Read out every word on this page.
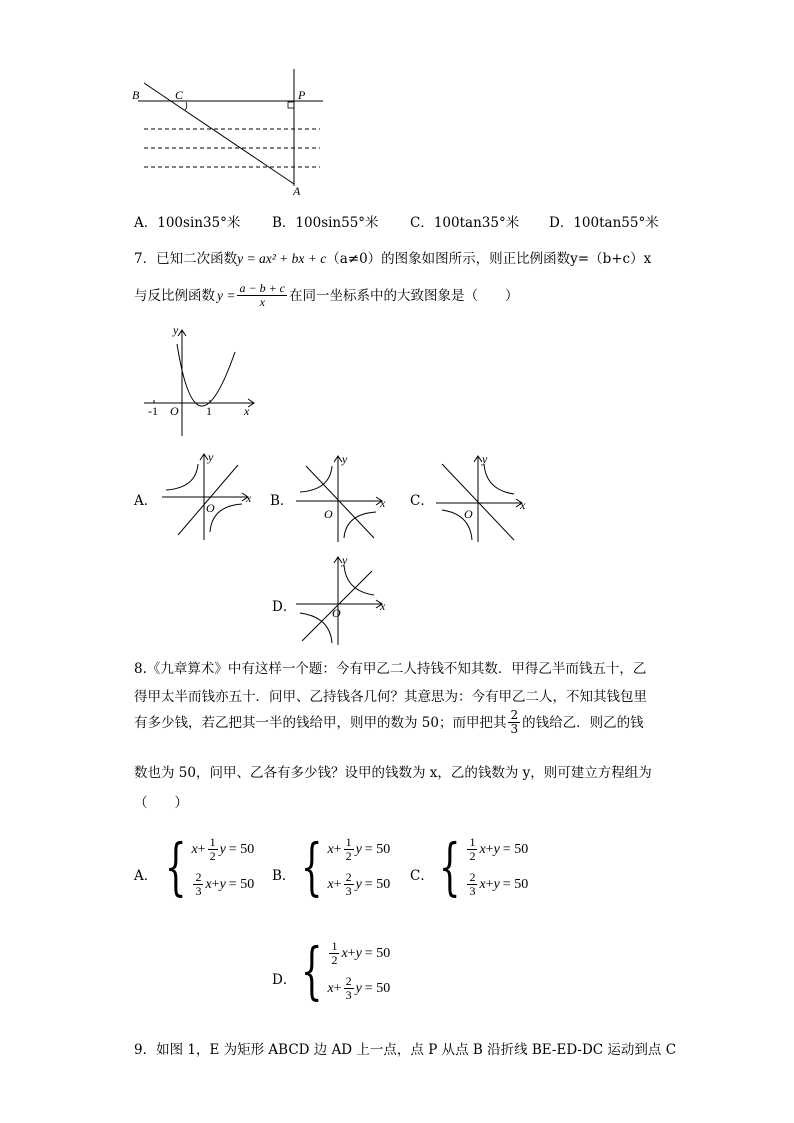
B	C	P
A
A．100sin35°米 B．100sin55°米 C．100tan35°米 D．100tan55°米
7．已知二次函数y = ax² + bx + c（a≠0）的图象如图所示，则正比例函数y=（b+c）x
与反比例函数 $y = \frac{a - b + c}{x}$ 在同一坐标系中的大致图象是（　　）
y
x
O
-1	1
A．
y
x
O	B．
y
x
O
C．
y
x
O
D．
y
x
O
8.《九章算术》中有这样一个题：今有甲乙二人持钱不知其数．甲得乙半而钱五十，乙
得甲太半而钱亦五十．问甲、乙持钱各几何？其意思为：今有甲乙二人，不知其钱包里
有多少钱，若乙把其一半的钱给甲，则甲的数为 50；而甲把其 $\frac{2}{3}$ 的钱给乙．则乙的钱
数也为 50，问甲、乙各有多少钱？设甲的钱数为 x，乙的钱数为 y，则可建立方程组为
（　　）
A． { $x + \frac{1}{2}$ y = 50
$\frac{2}{3}$ x + y = 50 B． { $x + \frac{1}{2}$ y = 50
$x + \frac{2}{3}$ y = 50 C． { $\frac{1}{2}$ x + y = 50
$\frac{2}{3}$ x + y = 50
D． { $\frac{1}{2}$ x + y = 50
$x + \frac{2}{3}$ y = 50
9．如图 1，E 为矩形 ABCD 边 AD 上一点，点 P 从点 B 沿折线 BE-ED-DC 运动到点 C
